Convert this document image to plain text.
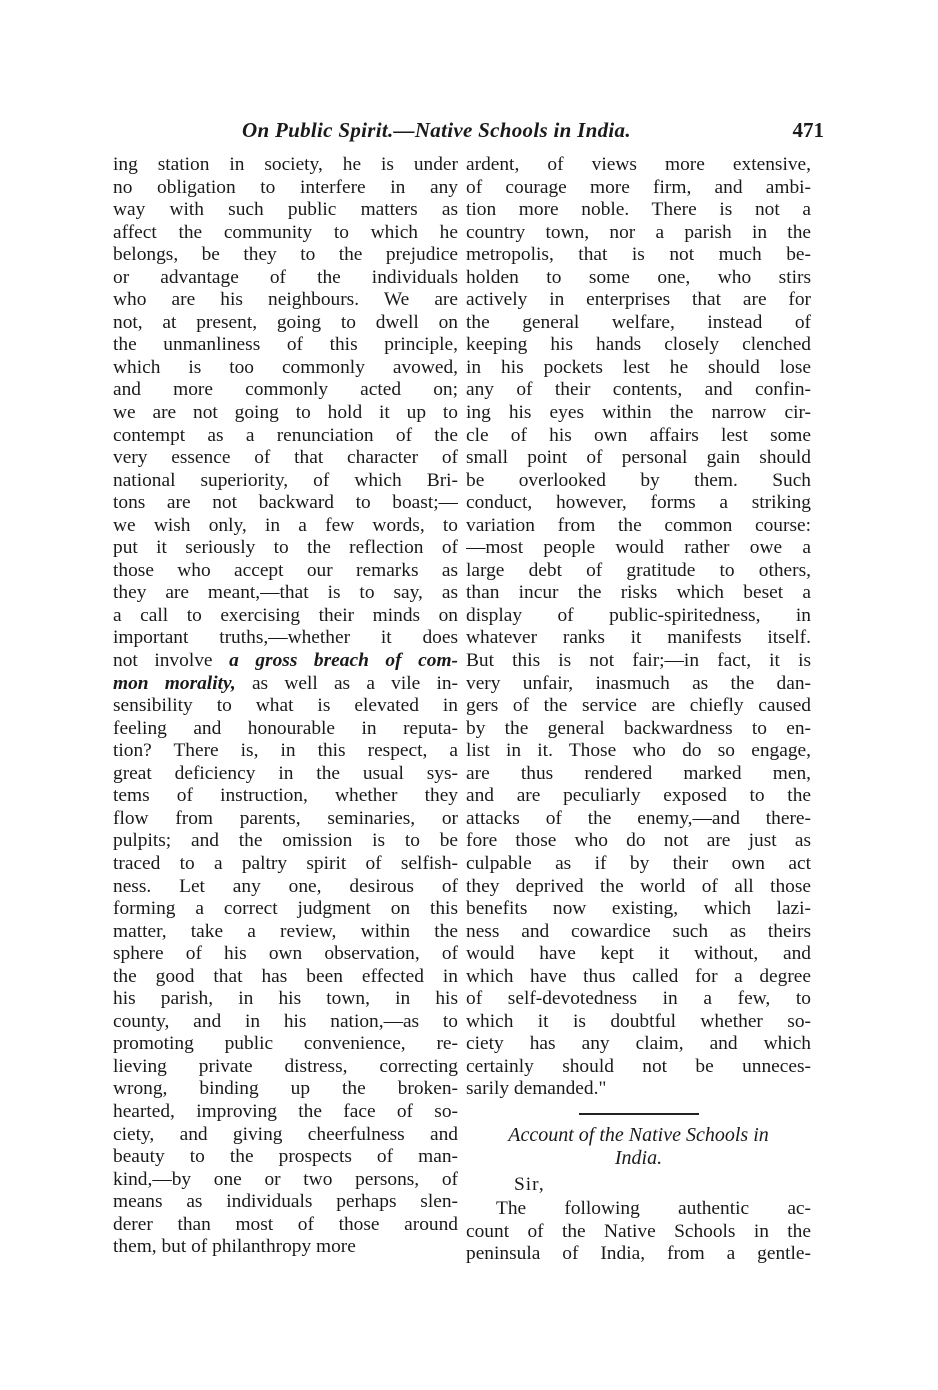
On Public Spirit.—Native Schools in India.	471
ing station in society, he is under
no obligation to interfere in any
way with such public matters as
affect the community to which he
belongs, be they to the prejudice
or advantage of the individuals
who are his neighbours. We are
not, at present, going to dwell on
the unmanliness of this principle,
which is too commonly avowed,
and more commonly acted on;
we are not going to hold it up to
contempt as a renunciation of the
very essence of that character of
national superiority, of which Bri-
tons are not backward to boast;—
we wish only, in a few words, to
put it seriously to the reflection of
those who accept our remarks as
they are meant,—that is to say, as
a call to exercising their minds on
important truths,—whether it does
not involve a gross breach of com-
mon morality, as well as a vile in-
sensibility to what is elevated in
feeling and honourable in reputa-
tion? There is, in this respect, a
great deficiency in the usual sys-
tems of instruction, whether they
flow from parents, seminaries, or
pulpits; and the omission is to be
traced to a paltry spirit of selfish-
ness. Let any one, desirous of
forming a correct judgment on this
matter, take a review, within the
sphere of his own observation, of
the good that has been effected in
his parish, in his town, in his
county, and in his nation,—as to
promoting public convenience, re-
lieving private distress, correcting
wrong, binding up the broken-
hearted, improving the face of so-
ciety, and giving cheerfulness and
beauty to the prospects of man-
kind,—by one or two persons, of
means as individuals perhaps slen-
derer than most of those around
them, but of philanthropy more
ardent, of views more extensive,
of courage more firm, and ambi-
tion more noble. There is not a
country town, nor a parish in the
metropolis, that is not much be-
holden to some one, who stirs
actively in enterprises that are for
the general welfare, instead of
keeping his hands closely clenched
in his pockets lest he should lose
any of their contents, and confin-
ing his eyes within the narrow cir-
cle of his own affairs lest some
small point of personal gain should
be overlooked by them. Such
conduct, however, forms a striking
variation from the common course:
—most people would rather owe a
large debt of gratitude to others,
than incur the risks which beset a
display of public-spiritedness, in
whatever ranks it manifests itself.
But this is not fair;—in fact, it is
very unfair, inasmuch as the dan-
gers of the service are chiefly caused
by the general backwardness to en-
list in it. Those who do so engage,
are thus rendered marked men,
and are peculiarly exposed to the
attacks of the enemy,—and there-
fore those who do not are just as
culpable as if by their own act
they deprived the world of all those
benefits now existing, which lazi-
ness and cowardice such as theirs
would have kept it without, and
which have thus called for a degree
of self-devotedness in a few, to
which it is doubtful whether so-
ciety has any claim, and which
certainly should not be unneces-
sarily demanded."
Account of the Native Schools in
India.
Sir,
The following authentic ac-
count of the Native Schools in the
peninsula of India, from a gentle-
